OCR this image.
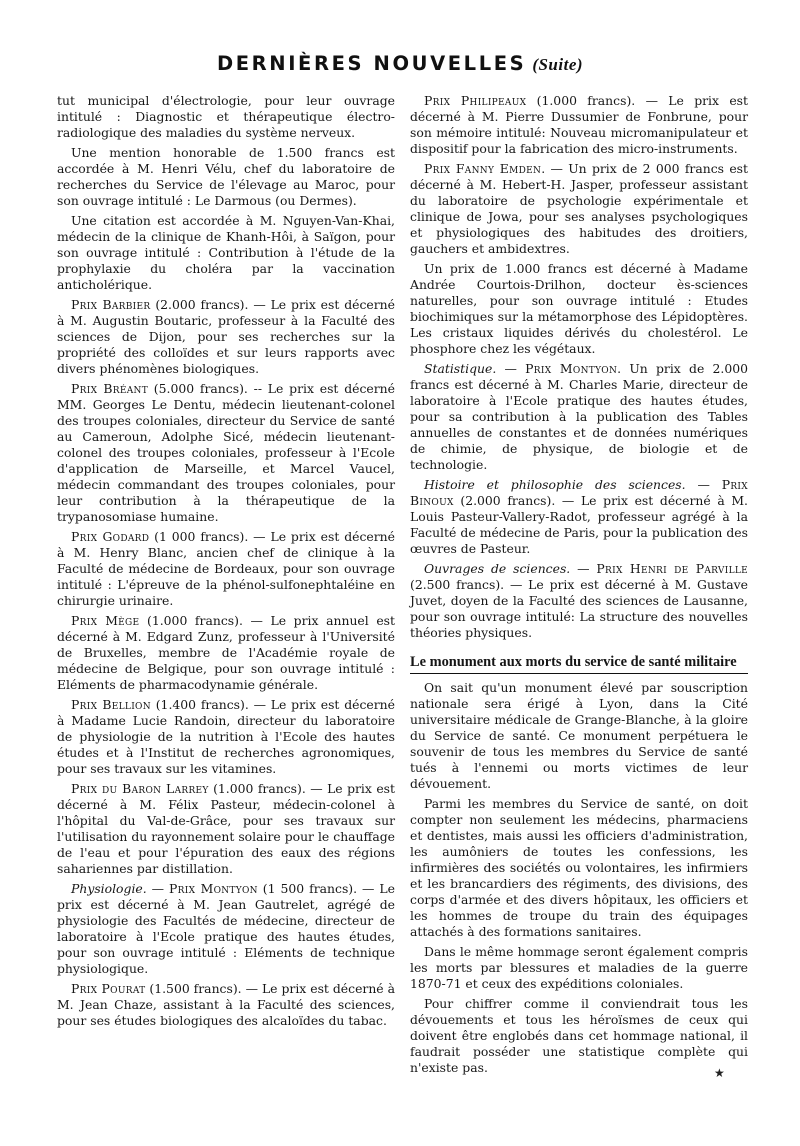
DERNIÈRES NOUVELLES (Suite)

tut municipal d'électrologie, pour leur ouvrage intitulé : Diagnostic et thérapeutique électro-radiologique des maladies du système nerveux.

Une mention honorable de 1.500 francs est accordée à M. Henri Vélu, chef du laboratoire de recherches du Service de l'élevage au Maroc, pour son ouvrage intitulé : Le Darmous (ou Dermes).

Une citation est accordée à M. Nguyen-Van-Khai, médecin de la clinique de Khanh-Hôi, à Saïgon, pour son ouvrage intitulé : Contribution à l'étude de la prophylaxie du choléra par la vaccination anticholérique.

Prix Barbier (2.000 francs). — Le prix est décerné à M. Augustin Boutaric, professeur à la Faculté des sciences de Dijon, pour ses recherches sur la propriété des colloïdes et sur leurs rapports avec divers phénomènes biologiques.

Prix Bréant (5.000 francs). -- Le prix est décerné MM. Georges Le Dentu, médecin lieutenant-colonel des troupes coloniales, directeur du Service de santé au Cameroun, Adolphe Sicé, médecin lieutenant-colonel des troupes coloniales, professeur à l'Ecole d'application de Marseille, et Marcel Vaucel, médecin commandant des troupes coloniales, pour leur contribution à la thérapeutique de la trypanosomiase humaine.

Prix Godard (1 000 francs). — Le prix est décerné à M. Henry Blanc, ancien chef de clinique à la Faculté de médecine de Bordeaux, pour son ouvrage intitulé : L'épreuve de la phénol-sulfonephtaléine en chirurgie urinaire.

Prix Mège (1.000 francs). — Le prix annuel est décerné à M. Edgard Zunz, professeur à l'Université de Bruxelles, membre de l'Académie royale de médecine de Belgique, pour son ouvrage intitulé : Eléments de pharmacodynamie générale.

Prix Bellion (1.400 francs). — Le prix est décerné à Madame Lucie Randoin, directeur du laboratoire de physiologie de la nutrition à l'Ecole des hautes études et à l'Institut de recherches agronomiques, pour ses travaux sur les vitamines.

Prix du Baron Larrey (1.000 francs). — Le prix est décerné à M. Félix Pasteur, médecin-colonel à l'hôpital du Val-de-Grâce, pour ses travaux sur l'utilisation du rayonnement solaire pour le chauffage de l'eau et pour l'épuration des eaux des régions sahariennes par distillation.

Physiologie. — Prix Montyon (1 500 francs). — Le prix est décerné à M. Jean Gautrelet, agrégé de physiologie des Facultés de médecine, directeur de laboratoire à l'Ecole pratique des hautes études, pour son ouvrage intitulé : Eléments de technique physiologique.

Prix Pourat (1.500 francs). — Le prix est décerné à M. Jean Chaze, assistant à la Faculté des sciences, pour ses études biologiques des alcaloïdes du tabac.

Prix Philipeaux (1.000 francs). — Le prix est décerné à M. Pierre Dussumier de Fonbrune, pour son mémoire intitulé: Nouveau micromanipulateur et dispositif pour la fabrication des micro-instruments.

Prix Fanny Emden. — Un prix de 2 000 francs est décerné à M. Hebert-H. Jasper, professeur assistant du laboratoire de psychologie expérimentale et clinique de Jowa, pour ses analyses psychologiques et physiologiques des habitudes des droitiers, gauchers et ambidextres.

Un prix de 1.000 francs est décerné à Madame Andrée Courtois-Drilhon, docteur ès-sciences naturelles, pour son ouvrage intitulé : Etudes biochimiques sur la métamorphose des Lépidoptères. Les cristaux liquides dérivés du cholestérol. Le phosphore chez les végétaux.

Statistique. — Prix Montyon. Un prix de 2.000 francs est décerné à M. Charles Marie, directeur de laboratoire à l'Ecole pratique des hautes études, pour sa contribution à la publication des Tables annuelles de constantes et de données numériques de chimie, de physique, de biologie et de technologie.

Histoire et philosophie des sciences. — Prix Binoux (2.000 francs). — Le prix est décerné à M. Louis Pasteur-Vallery-Radot, professeur agrégé à la Faculté de médecine de Paris, pour la publication des œuvres de Pasteur.

Ouvrages de sciences. — Prix Henri de Parville (2.500 francs). — Le prix est décerné à M. Gustave Juvet, doyen de la Faculté des sciences de Lausanne, pour son ouvrage intitulé: La structure des nouvelles théories physiques.

Le monument aux morts du service de santé militaire

On sait qu'un monument élevé par souscription nationale sera érigé à Lyon, dans la Cité universitaire médicale de Grange-Blanche, à la gloire du Service de santé. Ce monument perpétuera le souvenir de tous les membres du Service de santé tués à l'ennemi ou morts victimes de leur dévouement.

Parmi les membres du Service de santé, on doit compter non seulement les médecins, pharmaciens et dentistes, mais aussi les officiers d'administration, les aumôniers de toutes les confessions, les infirmières des sociétés ou volontaires, les infirmiers et les brancardiers des régiments, des divisions, des corps d'armée et des divers hôpitaux, les officiers et les hommes de troupe du train des équipages attachés à des formations sanitaires.

Dans le même hommage seront également compris les morts par blessures et maladies de la guerre 1870-71 et ceux des expéditions coloniales.

Pour chiffrer comme il conviendrait tous les dévouements et tous les héroïsmes de ceux qui doivent être englobés dans cet hommage national, il faudrait posséder une statistique complète qui n'existe pas.	★
